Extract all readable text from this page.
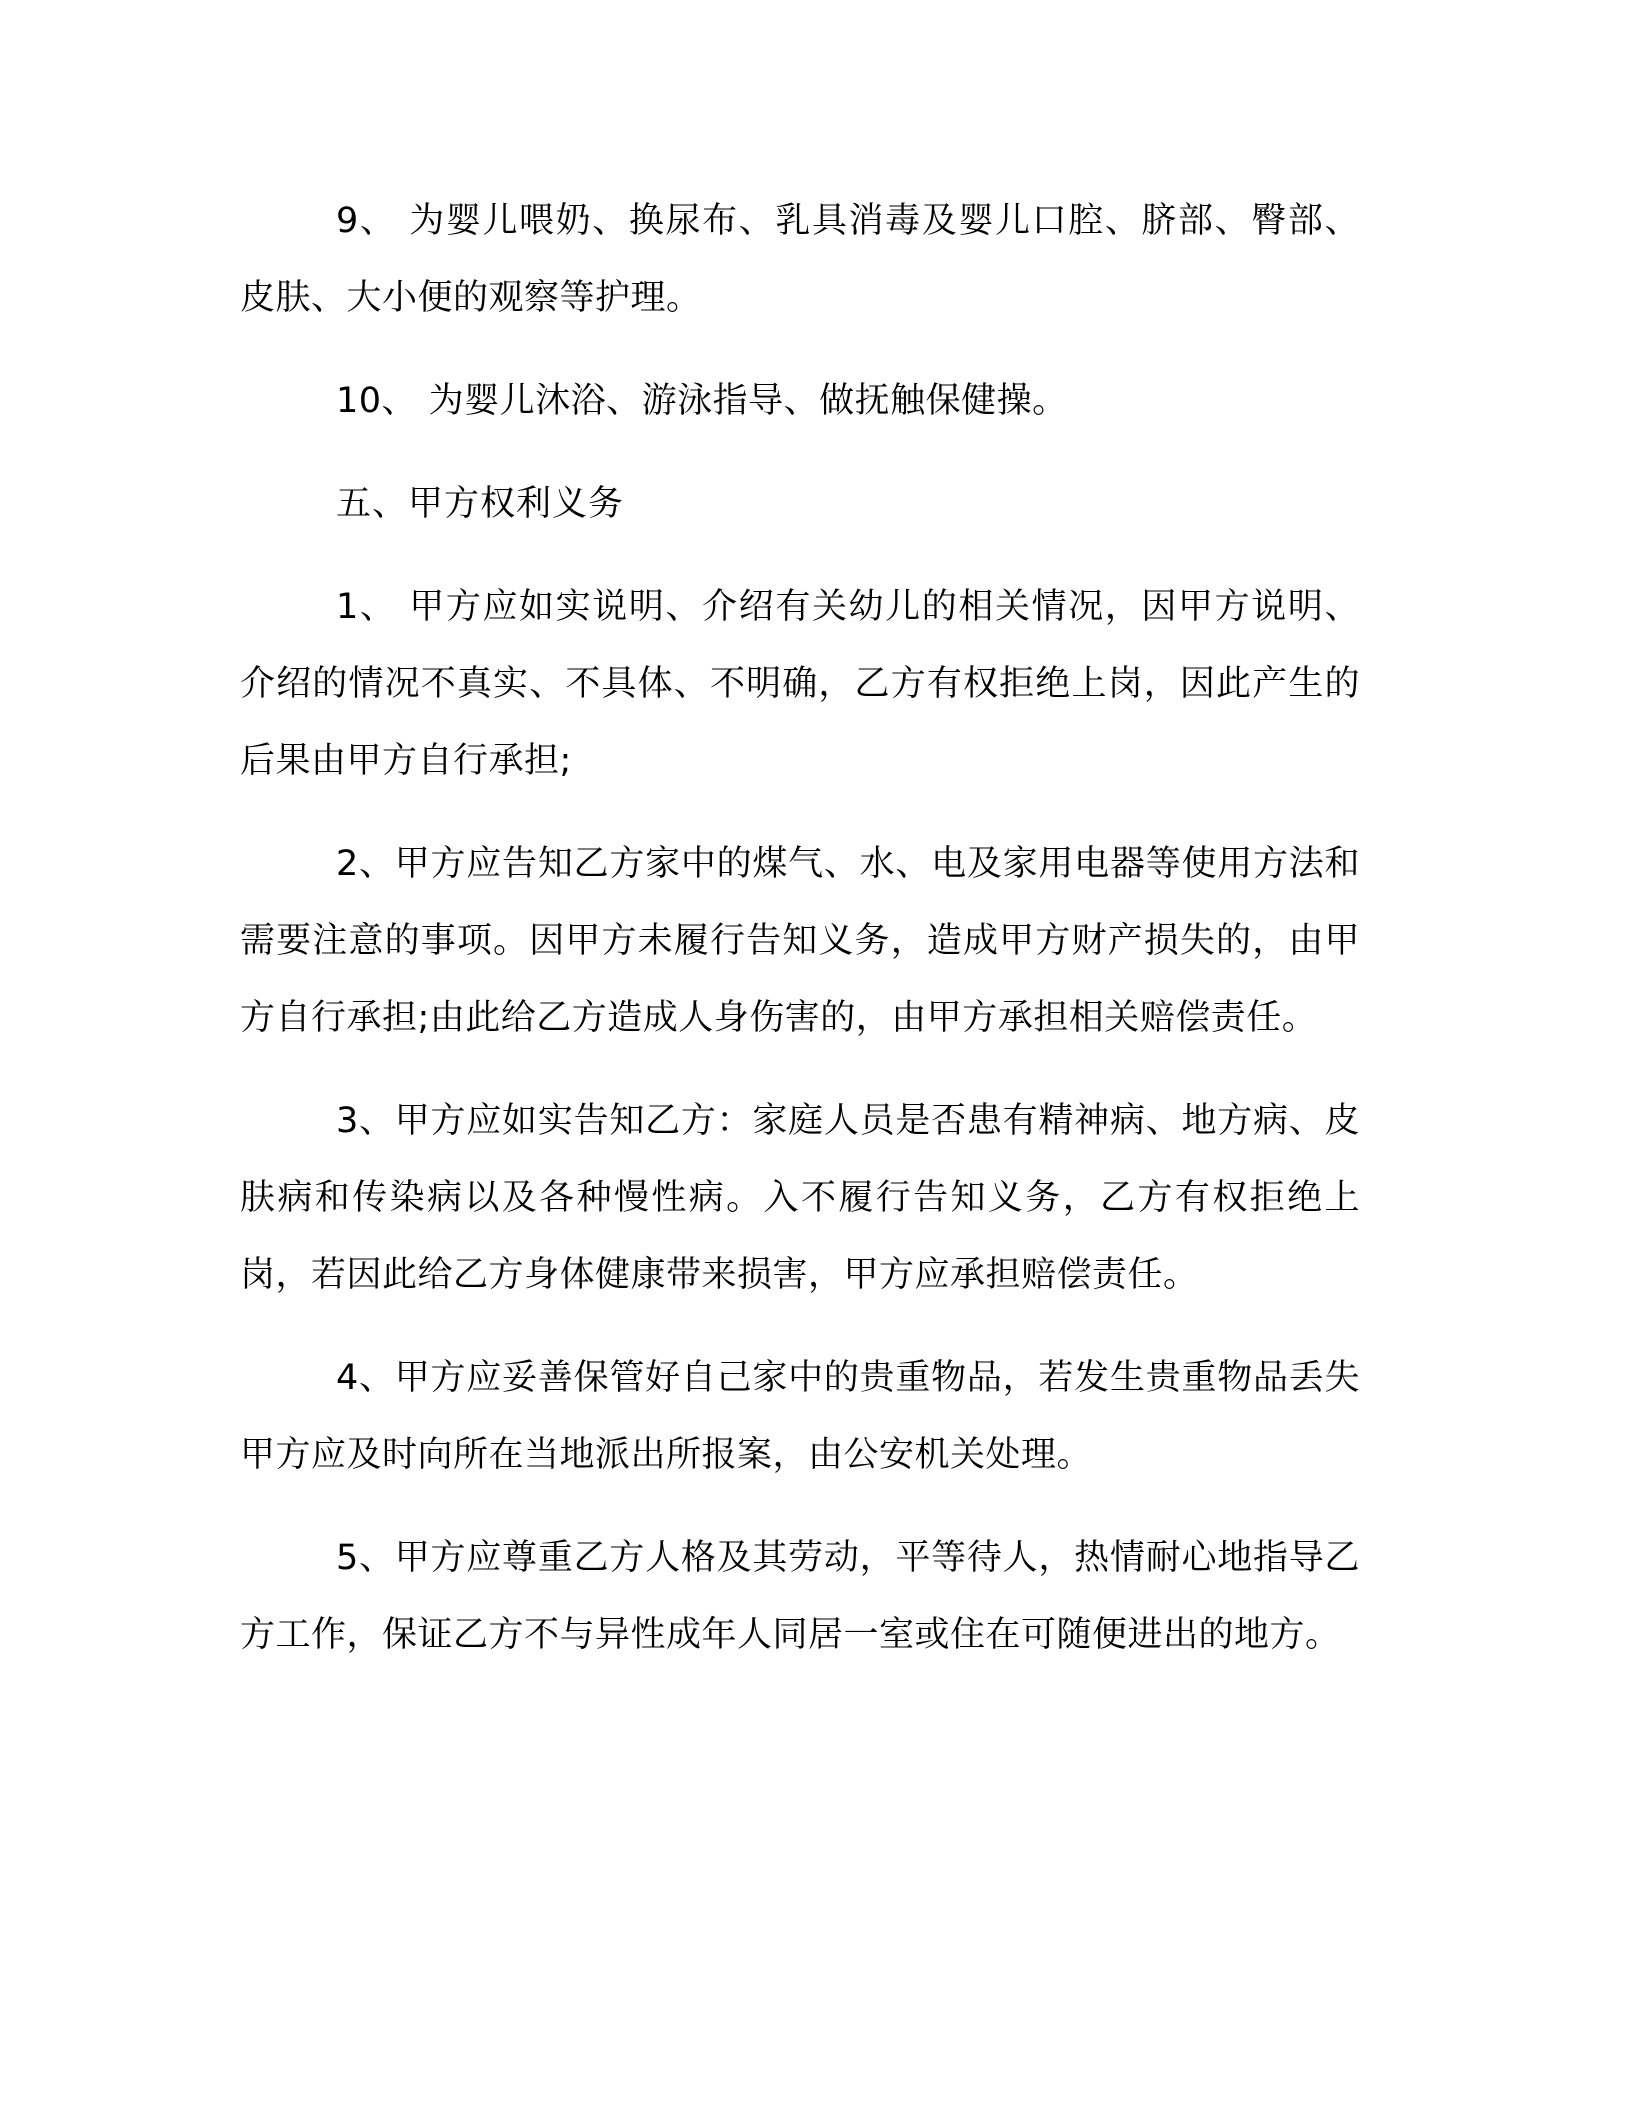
9、 为婴儿喂奶、换尿布、乳具消毒及婴儿口腔、脐部、臀部、皮肤、大小便的观察等护理。

10、 为婴儿沐浴、游泳指导、做抚触保健操。

五、甲方权利义务

1、 甲方应如实说明、介绍有关幼儿的相关情况，因甲方说明、介绍的情况不真实、不具体、不明确，乙方有权拒绝上岗，因此产生的后果由甲方自行承担;

2、甲方应告知乙方家中的煤气、水、电及家用电器等使用方法和需要注意的事项。因甲方未履行告知义务，造成甲方财产损失的，由甲方自行承担;由此给乙方造成人身伤害的，由甲方承担相关赔偿责任。

3、甲方应如实告知乙方：家庭人员是否患有精神病、地方病、皮肤病和传染病以及各种慢性病。入不履行告知义务，乙方有权拒绝上岗，若因此给乙方身体健康带来损害，甲方应承担赔偿责任。

4、甲方应妥善保管好自己家中的贵重物品，若发生贵重物品丢失甲方应及时向所在当地派出所报案，由公安机关处理。

5、甲方应尊重乙方人格及其劳动，平等待人，热情耐心地指导乙方工作，保证乙方不与异性成年人同居一室或住在可随便进出的地方。
